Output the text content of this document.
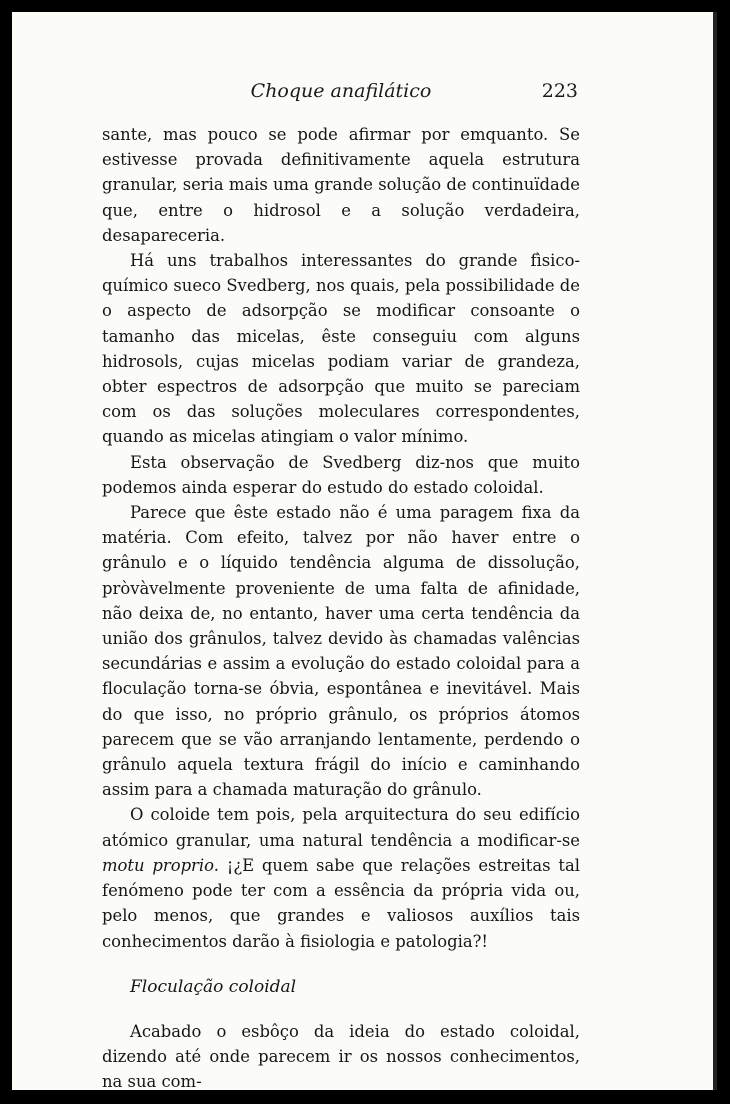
Choque anafilático	223

sante, mas pouco se pode afirmar por emquanto. Se estivesse provada definitivamente aquela estrutura granular, seria mais uma grande solução de continuïdade que, entre o hidrosol e a solução verdadeira, desapareceria.

Há uns trabalhos interessantes do grande fìsico-químico sueco Svedberg, nos quais, pela possibilidade de o aspecto de adsorpção se modificar consoante o tamanho das micelas, êste conseguiu com alguns hidrosols, cujas micelas podiam variar de grandeza, obter espectros de adsorpção que muito se pareciam com os das soluções moleculares correspondentes, quando as micelas atingiam o valor mínimo.

Esta observação de Svedberg diz-nos que muito podemos ainda esperar do estudo do estado coloidal.

Parece que êste estado não é uma paragem fixa da matéria. Com efeito, talvez por não haver entre o grânulo e o líquido tendência alguma de dissolução, pròvàvelmente proveniente de uma falta de afinidade, não deixa de, no entanto, haver uma certa tendência da união dos grânulos, talvez devido às chamadas valências secundárias e assim a evolução do estado coloidal para a floculação torna-se óbvia, espontânea e inevitável. Mais do que isso, no próprio grânulo, os próprios átomos parecem que se vão arranjando lentamente, perdendo o grânulo aquela textura frágil do início e caminhando assim para a chamada maturação do grânulo.

O coloide tem pois, pela arquitectura do seu edifício atómico granular, uma natural tendência a modificar-se motu proprio. ¡¿E quem sabe que relações estreitas tal fenómeno pode ter com a essência da própria vida ou, pelo menos, que grandes e valiosos auxílios tais conhecimentos darão à fisiologia e patologia?!

Floculação coloidal

Acabado o esbôço da ideia do estado coloidal, dizendo até onde parecem ir os nossos conhecimentos, na sua com-
